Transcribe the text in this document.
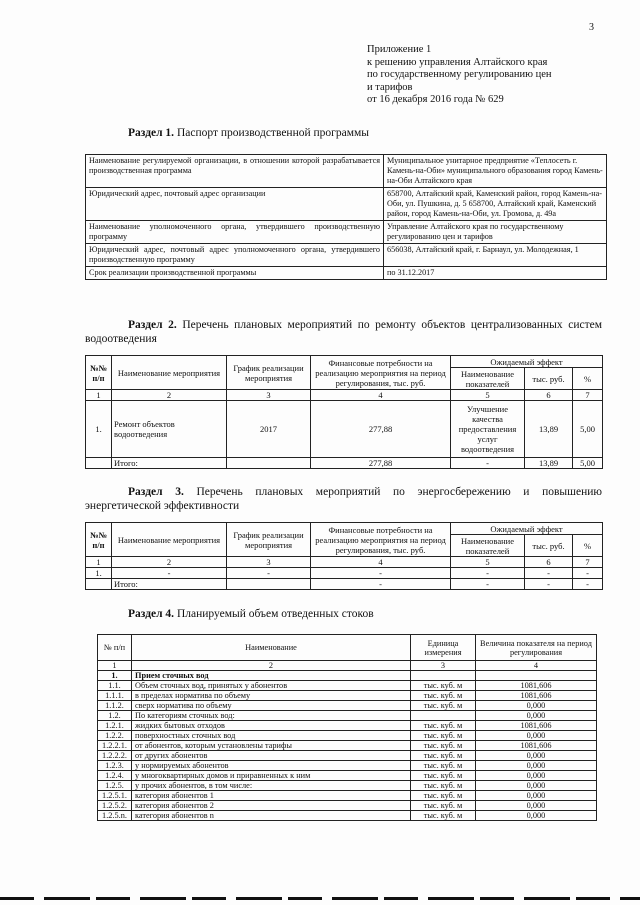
3
Приложение 1
к решению управления Алтайского края
по государственному регулированию цен
и тарифов
от 16 декабря 2016 года № 629
Раздел 1. Паспорт производственной программы
Наименование регулируемой организации, в отношении которой разрабатывается производственная программа	Муниципальное унитарное предприятие «Теплосеть г. Камень-на-Оби» муниципального образования город Камень-на-Оби Алтайского края
Юридический адрес, почтовый адрес организации	658700, Алтайский край, Каменский район, город Камень-на-Оби, ул. Пушкина, д. 5 658700, Алтайский край, Каменский район, город Камень-на-Оби, ул. Громова, д. 49а
Наименование уполномоченного органа, утвердившего производственную программу	Управление Алтайского края по государственному регулированию цен и тарифов
Юридический адрес, почтовый адрес уполномоченного органа, утвердившего производственную программу	656038, Алтайский край, г. Барнаул, ул. Молодежная, 1
Срок реализации производственной программы	по 31.12.2017
Раздел 2. Перечень плановых мероприятий по ремонту объектов централизованных систем водоотведения
№№ п/п	Наименование мероприятия	График реализации мероприятия	Финансовые потребности на реализацию мероприятия на период регулирования, тыс. руб.	Ожидаемый эффект		
				Наименование показателей	тыс. руб.	%
1	2	3	4	5	6	7
1.	Ремонт объектов водоотведения	2017	277,88	Улучшение качества предоставления услуг водоотведения	13,89	5,00
	Итого:		277,88	-	13,89	5,00
Раздел 3. Перечень плановых мероприятий по энергосбережению и повышению энергетической эффективности
№№ п/п	Наименование мероприятия	График реализации мероприятия	Финансовые потребности на реализацию мероприятия на период регулирования, тыс. руб.	Ожидаемый эффект		
				Наименование показателей	тыс. руб.	%
1	2	3	4	5	6	7
1.	-	-	-	-	-	-
	Итого:		-	-	-	-
Раздел 4. Планируемый объем отведенных стоков
№ п/п	Наименование	Единица измерения	Величина показателя на период регулирования
1	2	3	4
1.	Прием сточных вод		
1.1.	Объем сточных вод, принятых у абонентов	тыс. куб. м	1081,606
1.1.1.	в пределах норматива по объему	тыс. куб. м	1081,606
1.1.2.	сверх норматива по объему	тыс. куб. м	0,000
1.2.	По категориям сточных вод:		0,000
1.2.1.	жидких бытовых отходов	тыс. куб. м	1081,606
1.2.2.	поверхностных сточных вод	тыс. куб. м	0,000
1.2.2.1.	от абонентов, которым установлены тарифы	тыс. куб. м	1081,606
1.2.2.2.	от других абонентов	тыс. куб. м	0,000
1.2.3.	у нормируемых абонентов	тыс. куб. м	0,000
1.2.4.	у многоквартирных домов и приравненных к ним	тыс. куб. м	0,000
1.2.5.	у прочих абонентов, в том числе:	тыс. куб. м	0,000
1.2.5.1.	категория абонентов 1	тыс. куб. м	0,000
1.2.5.2.	категория абонентов 2	тыс. куб. м	0,000
1.2.5.n.	категория абонентов n	тыс. куб. м	0,000
